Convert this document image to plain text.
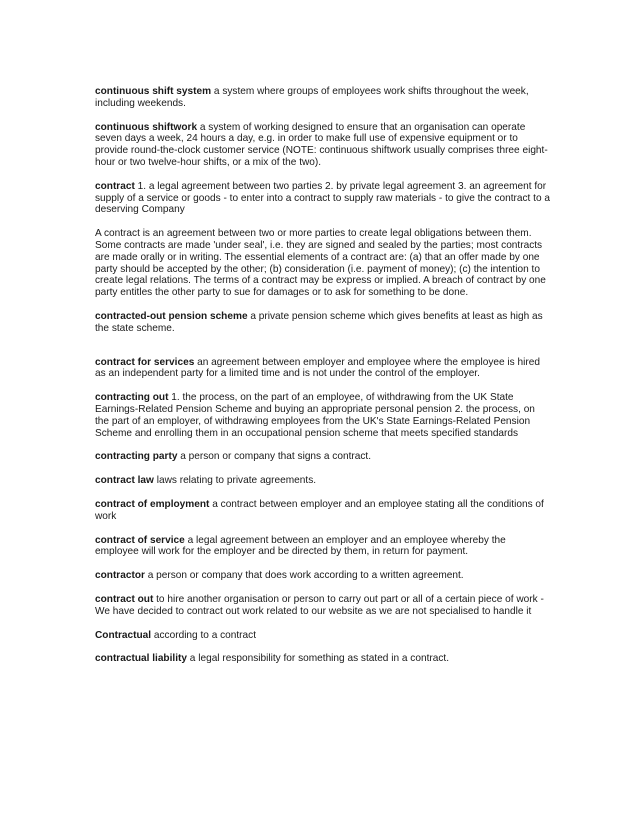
continuous shift system a system where groups of employees work shifts throughout the week, including weekends.

continuous shiftwork a system of working designed to ensure that an organisation can operate seven days a week, 24 hours a day, e.g. in order to make full use of expensive equipment or to provide round-the-clock customer service (NOTE: continuous shiftwork usually comprises three eight-hour or two twelve-hour shifts, or a mix of the two).

contract 1. a legal agreement between two parties 2. by private legal agreement 3. an agreement for supply of a service or goods - to enter into a contract to supply raw materials - to give the contract to a deserving Company

A contract is an agreement between two or more parties to create legal obligations between them. Some contracts are made 'under seal', i.e. they are signed and sealed by the parties; most contracts are made orally or in writing. The essential elements of a contract are: (a) that an offer made by one party should be accepted by the other; (b) consideration (i.e. payment of money); (c) the intention to create legal relations. The terms of a contract may be express or implied. A breach of contract by one party entitles the other party to sue for damages or to ask for something to be done.

contracted-out pension scheme a private pension scheme which gives benefits at least as high as the state scheme.

contract for services an agreement between employer and employee where the employee is hired as an independent party for a limited time and is not under the control of the employer.

contracting out 1. the process, on the part of an employee, of withdrawing from the UK State Earnings-Related Pension Scheme and buying an appropriate personal pension 2. the process, on the part of an employer, of withdrawing employees from the UK's State Earnings-Related Pension Scheme and enrolling them in an occupational pension scheme that meets specified standards

contracting party a person or company that signs a contract.

contract law laws relating to private agreements.

contract of employment a contract between employer and an employee stating all the conditions of work

contract of service a legal agreement between an employer and an employee whereby the employee will work for the employer and be directed by them, in return for payment.

contractor a person or company that does work according to a written agreement.

contract out to hire another organisation or person to carry out part or all of a certain piece of work - We have decided to contract out work related to our website as we are not specialised to handle it

Contractual according to a contract

contractual liability a legal responsibility for something as stated in a contract.
